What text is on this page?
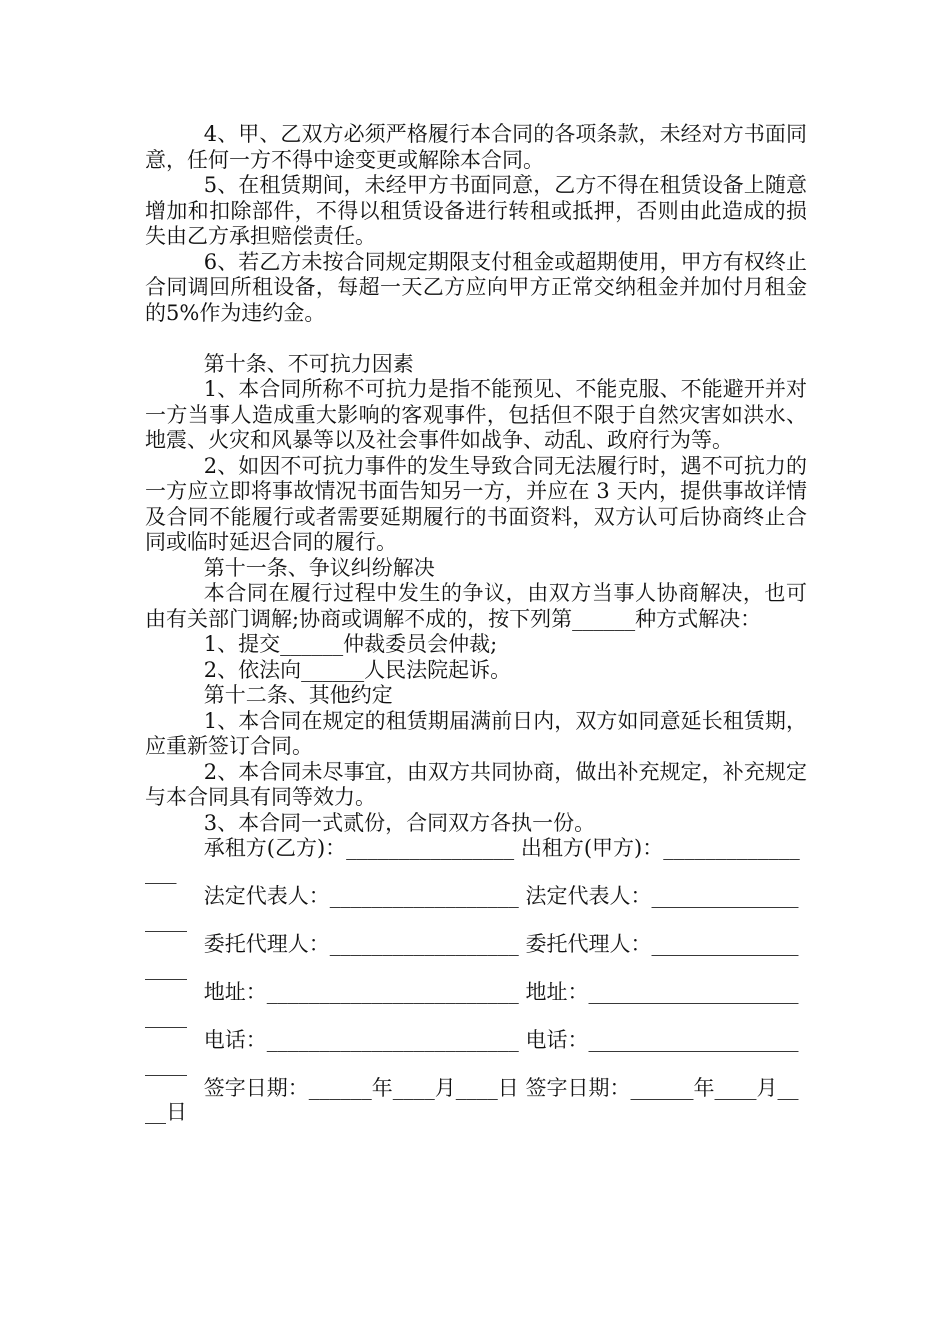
4、甲、乙双方必须严格履行本合同的各项条款，未经对方书面同意，任何一方不得中途变更或解除本合同。

5、在租赁期间，未经甲方书面同意，乙方不得在租赁设备上随意增加和扣除部件，不得以租赁设备进行转租或抵押，否则由此造成的损失由乙方承担赔偿责任。

6、若乙方未按合同规定期限支付租金或超期使用，甲方有权终止合同调回所租设备，每超一天乙方应向甲方正常交纳租金并加付月租金的5%作为违约金。

第十条、不可抗力因素

1、本合同所称不可抗力是指不能预见、不能克服、不能避开并对一方当事人造成重大影响的客观事件，包括但不限于自然灾害如洪水、地震、火灾和风暴等以及社会事件如战争、动乱、政府行为等。

2、如因不可抗力事件的发生导致合同无法履行时，遇不可抗力的一方应立即将事故情况书面告知另一方，并应在 3 天内，提供事故详情及合同不能履行或者需要延期履行的书面资料，双方认可后协商终止合同或临时延迟合同的履行。

第十一条、争议纠纷解决

本合同在履行过程中发生的争议，由双方当事人协商解决，也可由有关部门调解;协商或调解不成的，按下列第______种方式解决：

1、提交______仲裁委员会仲裁;

2、依法向______人民法院起诉。

第十二条、其他约定

1、本合同在规定的租赁期届满前日内，双方如同意延长租赁期，应重新签订合同。

2、本合同未尽事宜，由双方共同协商，做出补充规定，补充规定与本合同具有同等效力。

3、本合同一式贰份，合同双方各执一份。

承租方(乙方)：________________ 出租方(甲方)：________________

法定代表人：__________________ 法定代表人：__________________

委托代理人：__________________ 委托代理人：__________________

地址：________________________ 地址：________________________

电话：________________________ 电话：________________________

签字日期：______年____月____日 签字日期：______年____月____日
